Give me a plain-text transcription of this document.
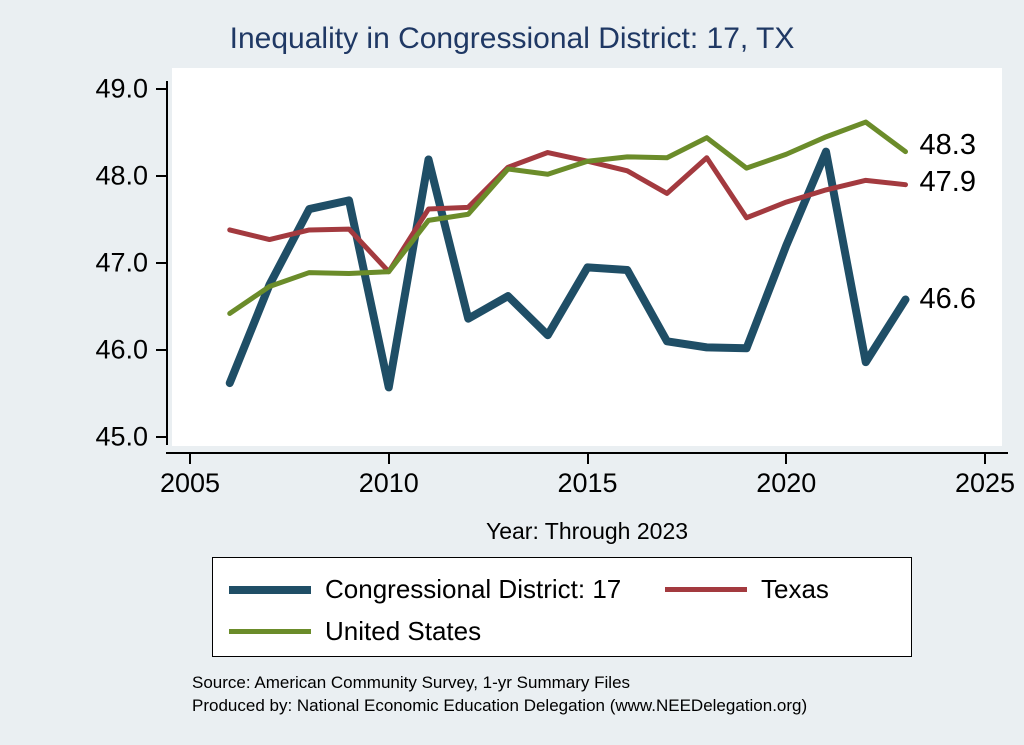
Inequality in Congressional District: 17, TX
Year: Through 2023
45.0
46.0
47.0
48.0
49.0
2005	2010	2015	2020	2025
46.6
47.9
48.3
Congressional District: 17	Texas
United States
Source: American Community Survey, 1-yr Summary Files
Produced by: National Economic Education Delegation (www.NEEDelegation.org)
